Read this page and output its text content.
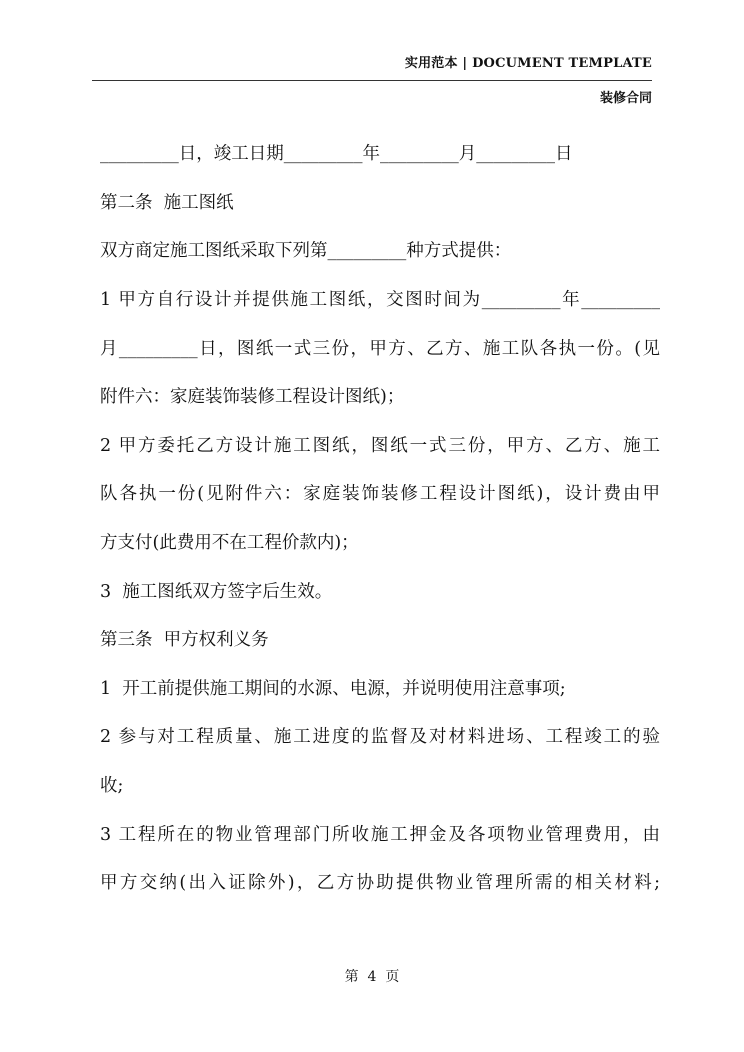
实用范本 | DOCUMENT TEMPLATE
装修合同
_________日，竣工日期_________年_________月_________日
第二条  施工图纸
双方商定施工图纸采取下列第_________种方式提供：
1 甲方自行设计并提供施工图纸，交图时间为_________年_________
月_________日，图纸一式三份，甲方、乙方、施工队各执一份。(见
附件六：家庭装饰装修工程设计图纸)；
2 甲方委托乙方设计施工图纸，图纸一式三份，甲方、乙方、施工
队各执一份(见附件六：家庭装饰装修工程设计图纸)，设计费由甲
方支付(此费用不在工程价款内)；
3  施工图纸双方签字后生效。
第三条  甲方权利义务
1  开工前提供施工期间的水源、电源，并说明使用注意事项;
2 参与对工程质量、施工进度的监督及对材料进场、工程竣工的验
收;
3 工程所在的物业管理部门所收施工押金及各项物业管理费用，由
甲方交纳(出入证除外)，乙方协助提供物业管理所需的相关材料;
第  4  页
